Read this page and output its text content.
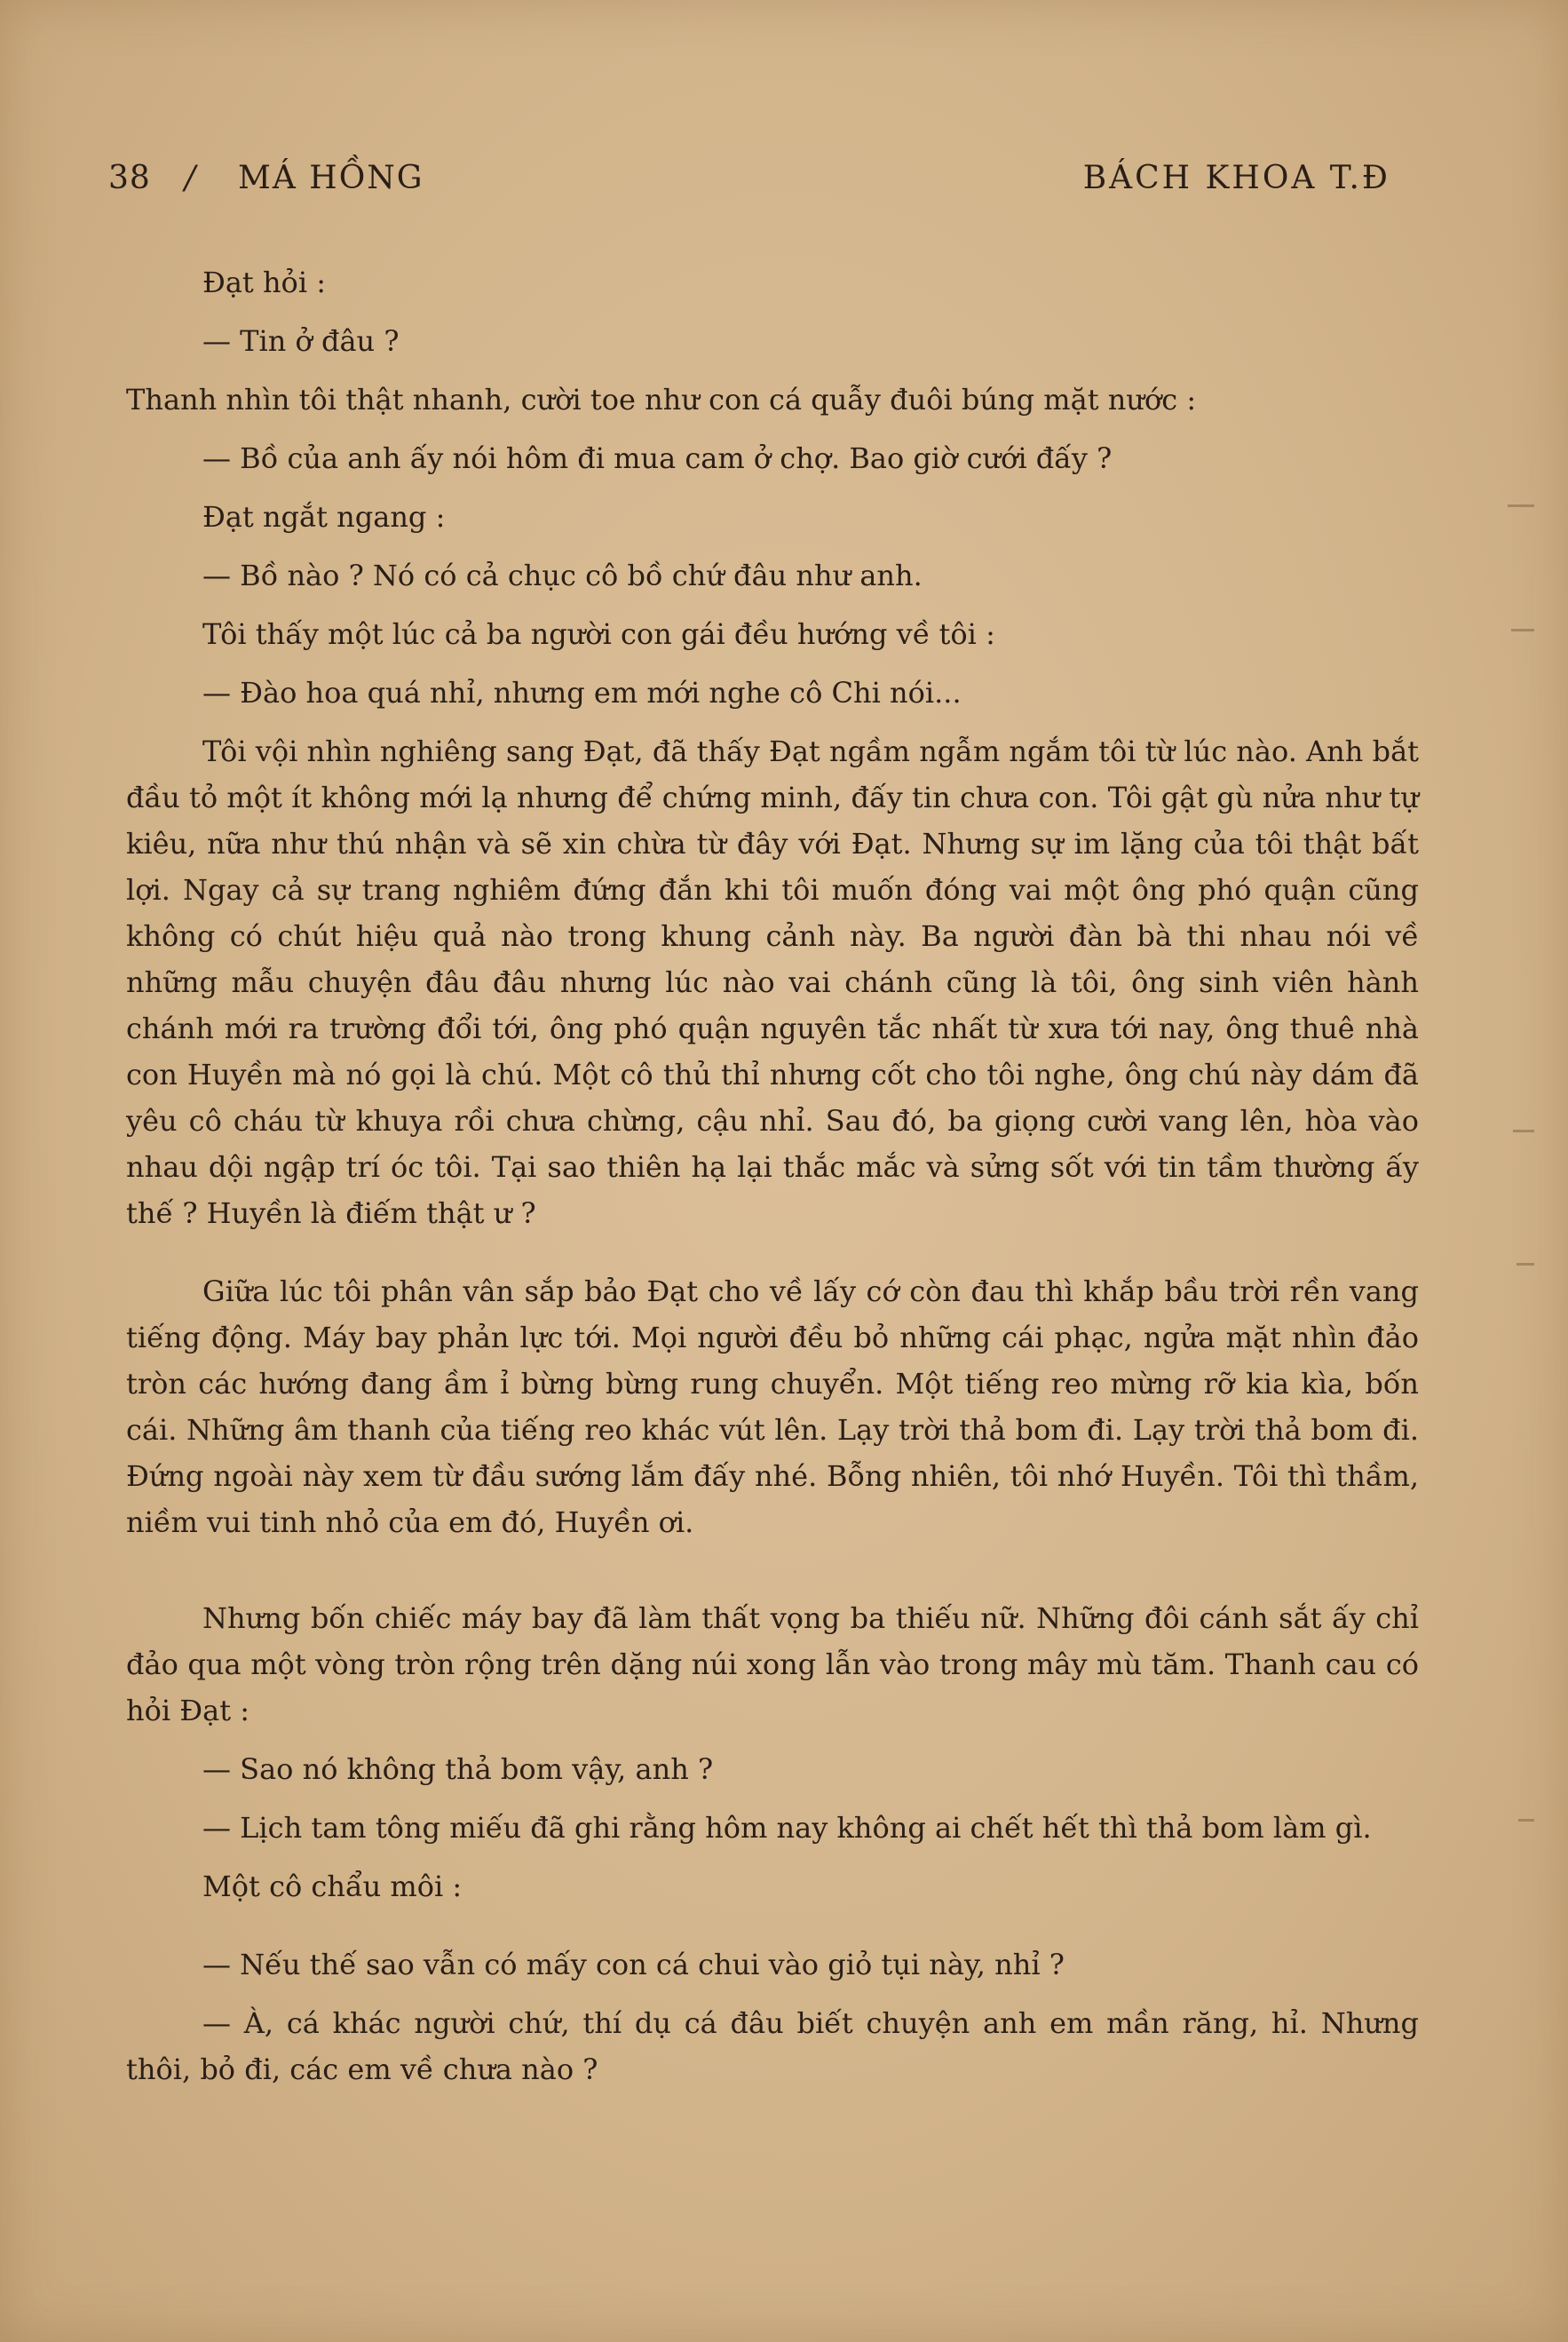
38 / MÁ HỒNG	BÁCH KHOA T.Đ

Đạt hỏi :

— Tin ở đâu ?

Thanh nhìn tôi thật nhanh, cười toe như con cá quẫy đuôi búng mặt nước :

— Bồ của anh ấy nói hôm đi mua cam ở chợ. Bao giờ cưới đấy ?

Đạt ngắt ngang :

— Bồ nào ? Nó có cả chục cô bồ chứ đâu như anh.

Tôi thấy một lúc cả ba người con gái đều hướng về tôi :

— Đào hoa quá nhỉ, nhưng em mới nghe cô Chi nói...

Tôi vội nhìn nghiêng sang Đạt, đã thấy Đạt ngầm ngẫm ngắm tôi từ lúc nào. Anh bắt đầu tỏ một ít không mới lạ nhưng để chứng minh, đấy tin chưa con. Tôi gật gù nửa như tự kiêu, nữa như thú nhận và sẽ xin chừa từ đây với Đạt. Nhưng sự im lặng của tôi thật bất lợi. Ngay cả sự trang nghiêm đứng đắn khi tôi muốn đóng vai một ông phó quận cũng không có chút hiệu quả nào trong khung cảnh này. Ba người đàn bà thi nhau nói về những mẫu chuyện đâu đâu nhưng lúc nào vai chánh cũng là tôi, ông sinh viên hành chánh mới ra trường đổi tới, ông phó quận nguyên tắc nhất từ xưa tới nay, ông thuê nhà con Huyền mà nó gọi là chú. Một cô thủ thỉ nhưng cốt cho tôi nghe, ông chú này dám đã yêu cô cháu từ khuya rồi chưa chừng, cậu nhỉ. Sau đó, ba giọng cười vang lên, hòa vào nhau dội ngập trí óc tôi. Tại sao thiên hạ lại thắc mắc và sửng sốt với tin tầm thường ấy thế ? Huyền là điếm thật ư ?

Giữa lúc tôi phân vân sắp bảo Đạt cho về lấy cớ còn đau thì khắp bầu trời rền vang tiếng động. Máy bay phản lực tới. Mọi người đều bỏ những cái phạc, ngửa mặt nhìn đảo tròn các hướng đang ầm ỉ bừng bừng rung chuyển. Một tiếng reo mừng rỡ kia kìa, bốn cái. Những âm thanh của tiếng reo khác vút lên. Lạy trời thả bom đi. Lạy trời thả bom đi. Đứng ngoài này xem từ đầu sướng lắm đấy nhé. Bỗng nhiên, tôi nhớ Huyền. Tôi thì thầm, niềm vui tinh nhỏ của em đó, Huyền ơi.

Nhưng bốn chiếc máy bay đã làm thất vọng ba thiếu nữ. Những đôi cánh sắt ấy chỉ đảo qua một vòng tròn rộng trên dặng núi xong lẫn vào trong mây mù tăm. Thanh cau có hỏi Đạt :

— Sao nó không thả bom vậy, anh ?

— Lịch tam tông miếu đã ghi rằng hôm nay không ai chết hết thì thả bom làm gì.

Một cô chẩu môi :

— Nếu thế sao vẫn có mấy con cá chui vào giỏ tụi này, nhỉ ?

— À, cá khác người chứ, thí dụ cá đâu biết chuyện anh em mần răng, hỉ. Nhưng thôi, bỏ đi, các em về chưa nào ?
